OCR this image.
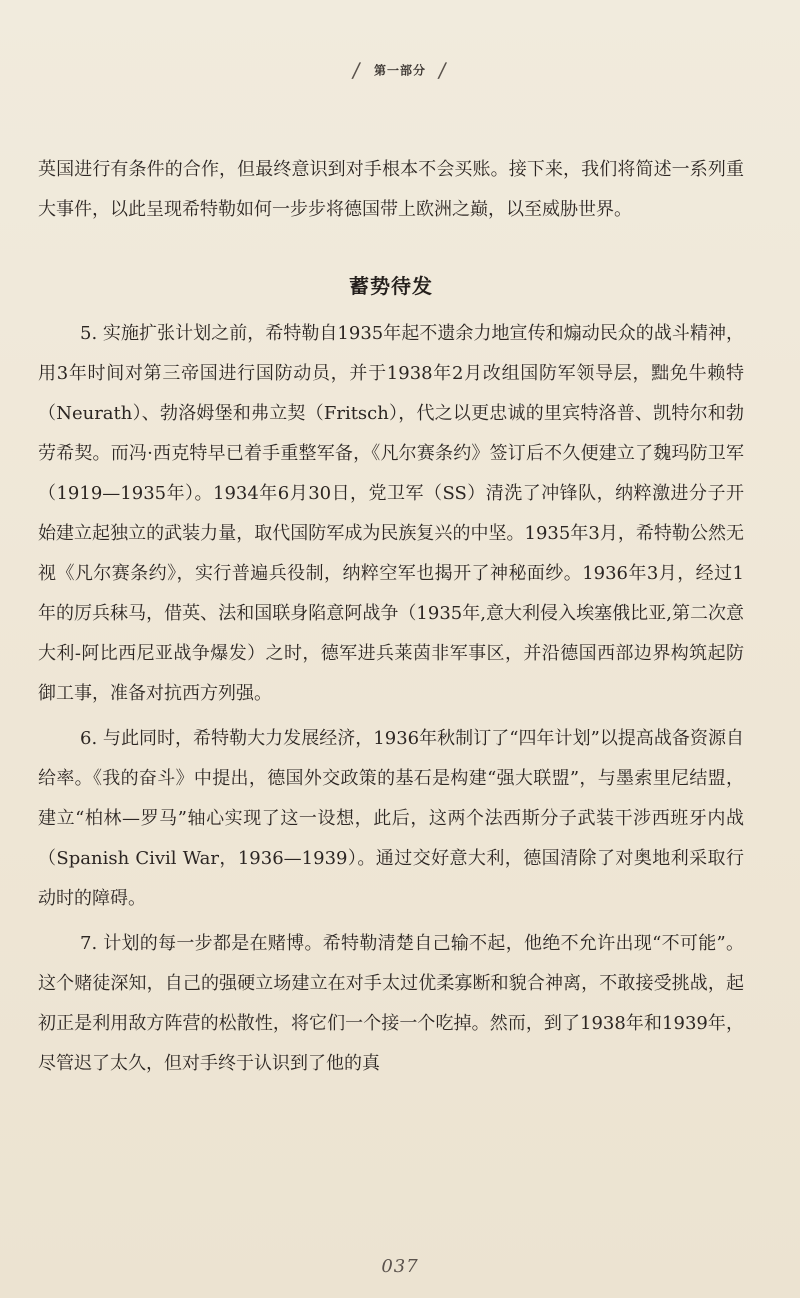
/ 第一部分 /

英国进行有条件的合作，但最终意识到对手根本不会买账。接下来，我们将简述一系列重大事件，以此呈现希特勒如何一步步将德国带上欧洲之巅，以至威胁世界。

蓄势待发

5. 实施扩张计划之前，希特勒自1935年起不遗余力地宣传和煽动民众的战斗精神，用3年时间对第三帝国进行国防动员，并于1938年2月改组国防军领导层，黜免牛赖特（Neurath）、勃洛姆堡和弗立契（Fritsch），代之以更忠诚的里宾特洛普、凯特尔和勃劳希契。而冯·西克特早已着手重整军备，《凡尔赛条约》签订后不久便建立了魏玛防卫军（1919—1935年）。1934年6月30日，党卫军（SS）清洗了冲锋队，纳粹激进分子开始建立起独立的武装力量，取代国防军成为民族复兴的中坚。1935年3月，希特勒公然无视《凡尔赛条约》，实行普遍兵役制，纳粹空军也揭开了神秘面纱。1936年3月，经过1年的厉兵秣马，借英、法和国联身陷意阿战争（1935年,意大利侵入埃塞俄比亚,第二次意大利-阿比西尼亚战争爆发）之时，德军进兵莱茵非军事区，并沿德国西部边界构筑起防御工事，准备对抗西方列强。

6. 与此同时，希特勒大力发展经济，1936年秋制订了“四年计划”以提高战备资源自给率。《我的奋斗》中提出，德国外交政策的基石是构建“强大联盟”，与墨索里尼结盟，建立“柏林—罗马”轴心实现了这一设想，此后，这两个法西斯分子武装干涉西班牙内战（Spanish Civil War，1936—1939）。通过交好意大利，德国清除了对奥地利采取行动时的障碍。

7. 计划的每一步都是在赌博。希特勒清楚自己输不起，他绝不允许出现“不可能”。这个赌徒深知，自己的强硬立场建立在对手太过优柔寡断和貌合神离，不敢接受挑战，起初正是利用敌方阵营的松散性，将它们一个接一个吃掉。然而，到了1938年和1939年，尽管迟了太久，但对手终于认识到了他的真

037
